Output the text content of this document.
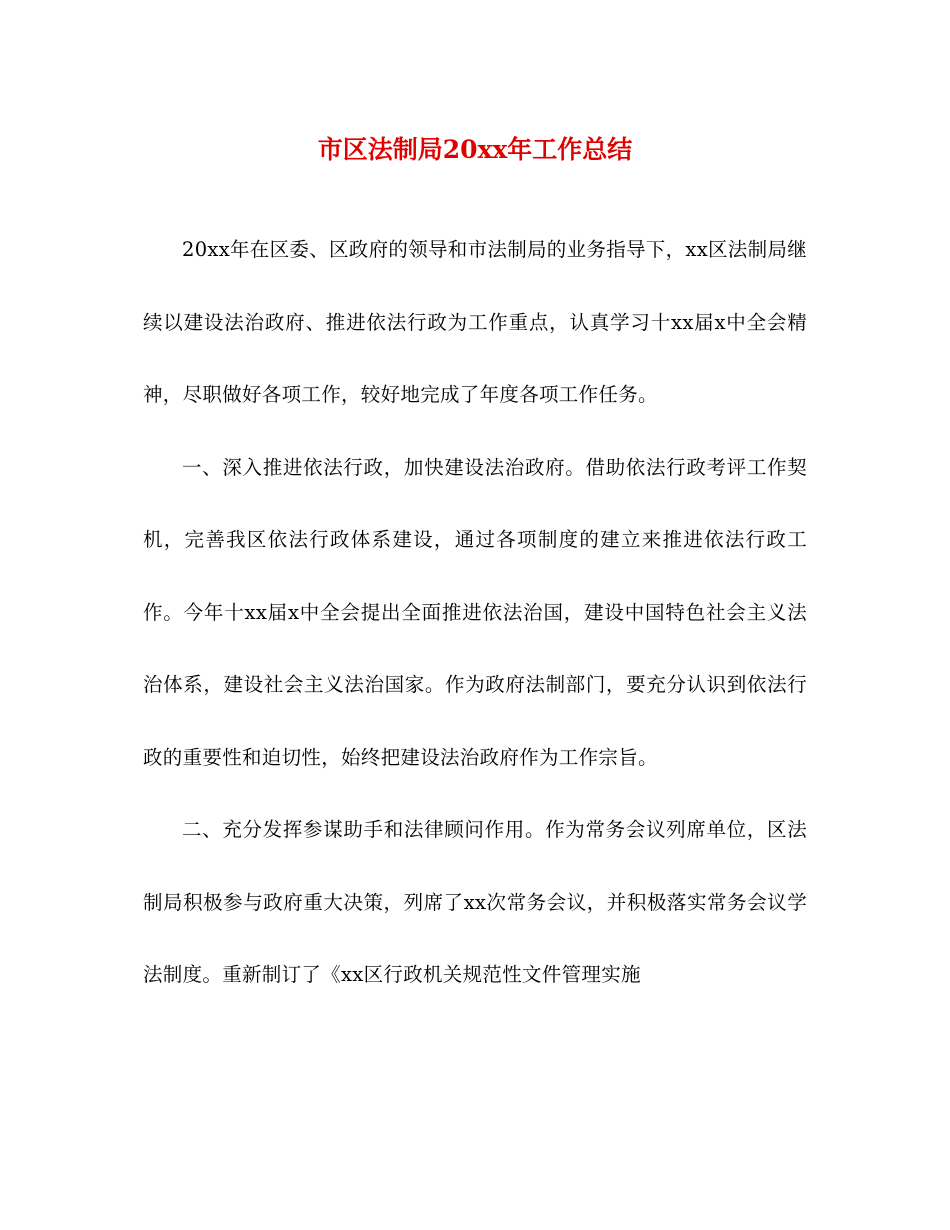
市区法制局20xx年工作总结

20xx年在区委、区政府的领导和市法制局的业务指导下，xx区法制局继续以建设法治政府、推进依法行政为工作重点，认真学习十xx届x中全会精神，尽职做好各项工作，较好地完成了年度各项工作任务。

一、深入推进依法行政，加快建设法治政府。借助依法行政考评工作契机，完善我区依法行政体系建设，通过各项制度的建立来推进依法行政工作。今年十xx届x中全会提出全面推进依法治国，建设中国特色社会主义法治体系，建设社会主义法治国家。作为政府法制部门，要充分认识到依法行政的重要性和迫切性，始终把建设法治政府作为工作宗旨。

二、充分发挥参谋助手和法律顾问作用。作为常务会议列席单位，区法制局积极参与政府重大决策，列席了xx次常务会议，并积极落实常务会议学法制度。重新制订了《xx区行政机关规范性文件管理实施
